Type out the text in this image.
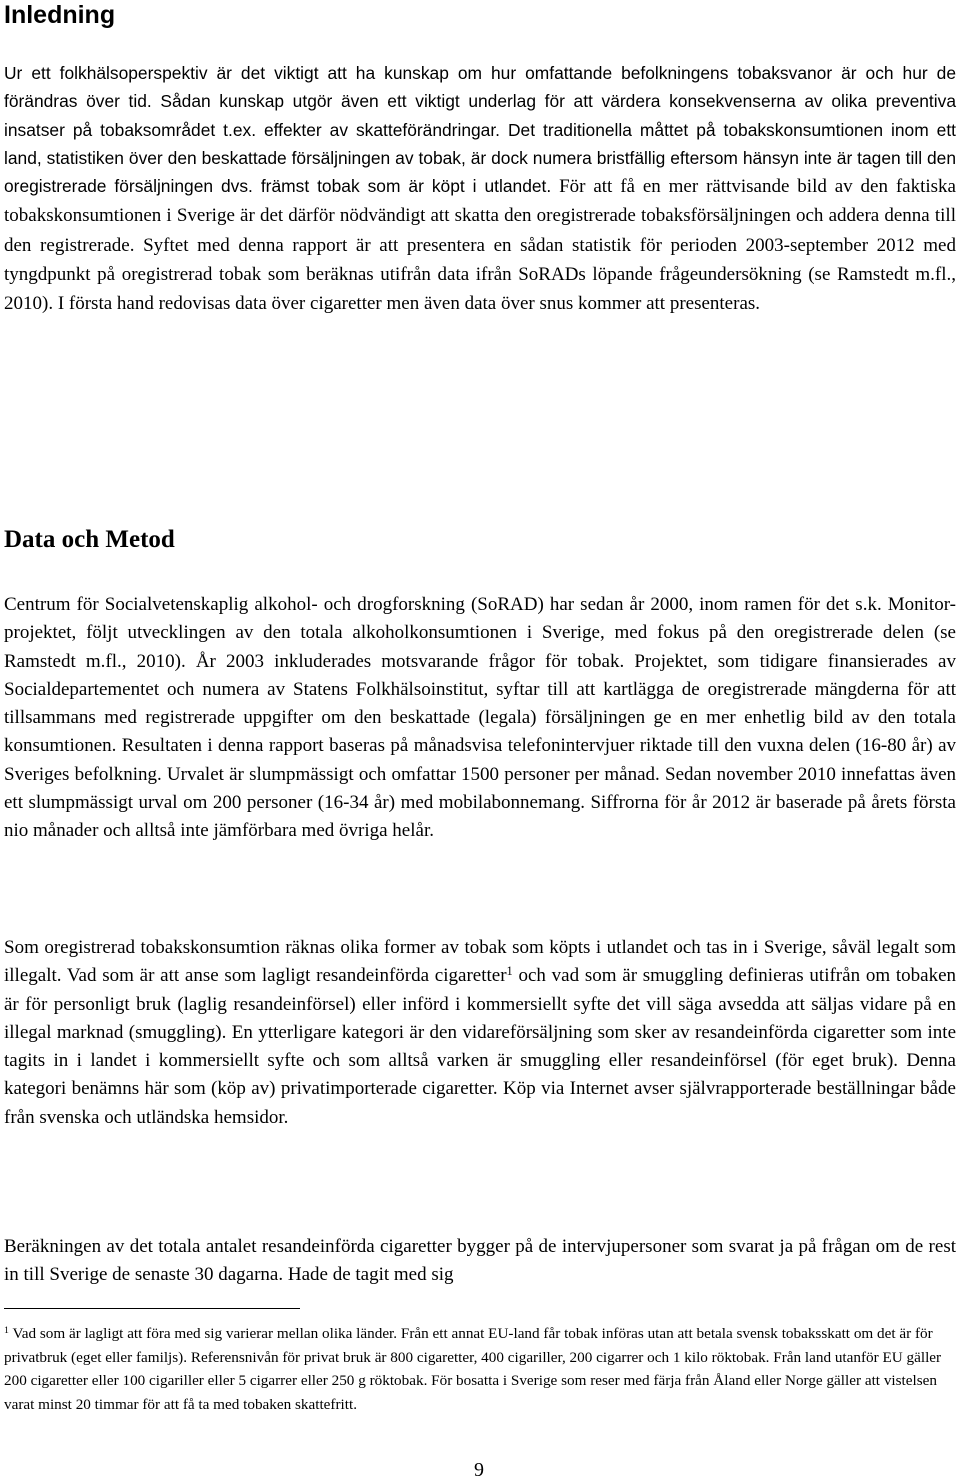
Inledning

Ur ett folkhälsoperspektiv är det viktigt att ha kunskap om hur omfattande befolkningens tobaksvanor är och hur de förändras över tid. Sådan kunskap utgör även ett viktigt underlag för att värdera konsekvenserna av olika preventiva insatser på tobaksområdet t.ex. effekter av skatteförändringar. Det traditionella måttet på tobakskonsumtionen inom ett land, statistiken över den beskattade försäljningen av tobak, är dock numera bristfällig eftersom hänsyn inte är tagen till den oregistrerade försäljningen dvs. främst tobak som är köpt i utlandet. För att få en mer rättvisande bild av den faktiska tobakskonsumtionen i Sverige är det därför nödvändigt att skatta den oregistrerade tobaksförsäljningen och addera denna till den registrerade. Syftet med denna rapport är att presentera en sådan statistik för perioden 2003-september 2012 med tyngdpunkt på oregistrerad tobak som beräknas utifrån data ifrån SoRADs löpande frågeundersökning (se Ramstedt m.fl., 2010). I första hand redovisas data över cigaretter men även data över snus kommer att presenteras.

Data och Metod

Centrum för Socialvetenskaplig alkohol- och drogforskning (SoRAD) har sedan år 2000, inom ramen för det s.k. Monitor-projektet, följt utvecklingen av den totala alkoholkonsumtionen i Sverige, med fokus på den oregistrerade delen (se Ramstedt m.fl., 2010). År 2003 inkluderades motsvarande frågor för tobak. Projektet, som tidigare finansierades av Socialdepartementet och numera av Statens Folkhälsoinstitut, syftar till att kartlägga de oregistrerade mängderna för att tillsammans med registrerade uppgifter om den beskattade (legala) försäljningen ge en mer enhetlig bild av den totala konsumtionen. Resultaten i denna rapport baseras på månadsvisa telefonintervjuer riktade till den vuxna delen (16-80 år) av Sveriges befolkning. Urvalet är slumpmässigt och omfattar 1500 personer per månad. Sedan november 2010 innefattas även ett slumpmässigt urval om 200 personer (16-34 år) med mobilabonnemang. Siffrorna för år 2012 är baserade på årets första nio månader och alltså inte jämförbara med övriga helår.

Som oregistrerad tobakskonsumtion räknas olika former av tobak som köpts i utlandet och tas in i Sverige, såväl legalt som illegalt. Vad som är att anse som lagligt resandeinförda cigaretter$^1$ och vad som är smuggling definieras utifrån om tobaken är för personligt bruk (laglig resandeinförsel) eller införd i kommersiellt syfte det vill säga avsedda att säljas vidare på en illegal marknad (smuggling). En ytterligare kategori är den vidareförsäljning som sker av resandeinförda cigaretter som inte tagits in i landet i kommersiellt syfte och som alltså varken är smuggling eller resandeinförsel (för eget bruk). Denna kategori benämns här som (köp av) privatimporterade cigaretter. Köp via Internet avser självrapporterade beställningar både från svenska och utländska hemsidor.

Beräkningen av det totala antalet resandeinförda cigaretter bygger på de intervjupersoner som svarat ja på frågan om de rest in till Sverige de senaste 30 dagarna. Hade de tagit med sig

$^1$ Vad som är lagligt att föra med sig varierar mellan olika länder. Från ett annat EU-land får tobak införas utan att betala svensk tobaksskatt om det är för privatbruk (eget eller familjs). Referensnivån för privat bruk är 800 cigaretter, 400 cigariller, 200 cigarrer och 1 kilo röktobak. Från land utanför EU gäller 200 cigaretter eller 100 cigariller eller 5 cigarrer eller 250 g röktobak. För bosatta i Sverige som reser med färja från Åland eller Norge gäller att vistelsen varat minst 20 timmar för att få ta med tobaken skattefritt.

9
